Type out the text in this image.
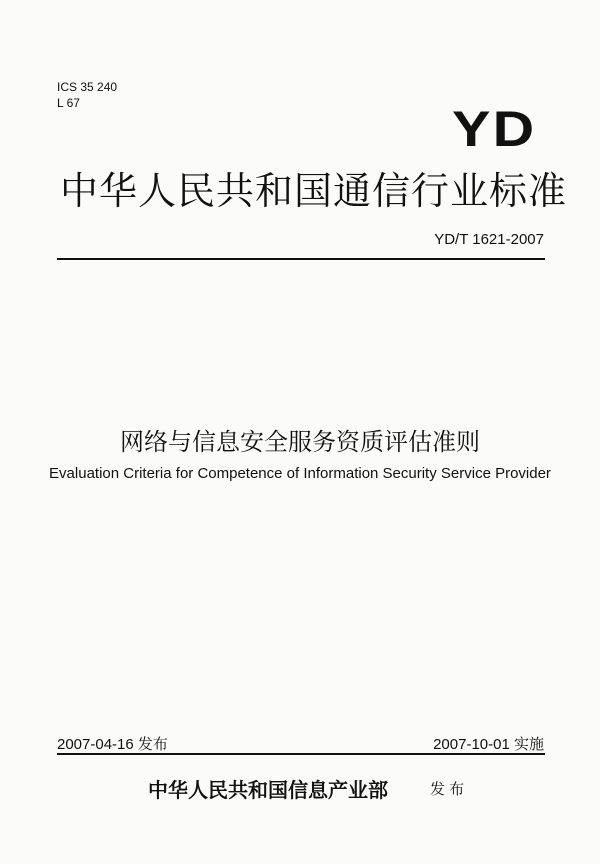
ICS 35 240
L 67	YD
中华人民共和国通信行业标准
YD/T 1621-2007
网络与信息安全服务资质评估准则
Evaluation Criteria for Competence of Information Security Service Provider
2007-04-16 发布	2007-10-01 实施
中华人民共和国信息产业部	发 布
